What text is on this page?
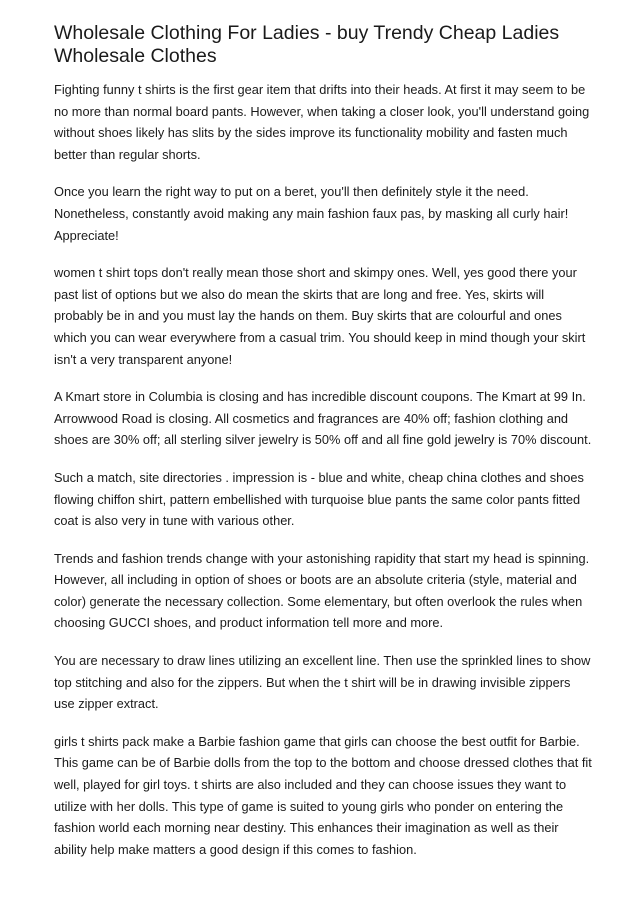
Wholesale Clothing For Ladies - buy Trendy Cheap Ladies Wholesale Clothes

Fighting funny t shirts is the first gear item that drifts into their heads. At first it may seem to be no more than normal board pants. However, when taking a closer look, you'll understand going without shoes likely has slits by the sides improve its functionality mobility and fasten much better than regular shorts.

Once you learn the right way to put on a beret, you'll then definitely style it the need. Nonetheless, constantly avoid making any main fashion faux pas, by masking all curly hair! Appreciate!

women t shirt tops don't really mean those short and skimpy ones. Well, yes good there your past list of options but we also do mean the skirts that are long and free. Yes, skirts will probably be in and you must lay the hands on them. Buy skirts that are colourful and ones which you can wear everywhere from a casual trim. You should keep in mind though your skirt isn't a very transparent anyone!

A Kmart store in Columbia is closing and has incredible discount coupons. The Kmart at 99 In. Arrowwood Road is closing. All cosmetics and fragrances are 40% off; fashion clothing and shoes are 30% off; all sterling silver jewelry is 50% off and all fine gold jewelry is 70% discount.

Such a match, site directories . impression is - blue and white, cheap china clothes and shoes flowing chiffon shirt, pattern embellished with turquoise blue pants the same color pants fitted coat is also very in tune with various other.

Trends and fashion trends change with your astonishing rapidity that start my head is spinning. However, all including in option of shoes or boots are an absolute criteria (style, material and color) generate the necessary collection. Some elementary, but often overlook the rules when choosing GUCCI shoes, and product information tell more and more.

You are necessary to draw lines utilizing an excellent line. Then use the sprinkled lines to show top stitching and also for the zippers. But when the t shirt will be in drawing invisible zippers use zipper extract.

girls t shirts pack make a Barbie fashion game that girls can choose the best outfit for Barbie. This game can be of Barbie dolls from the top to the bottom and choose dressed clothes that fit well, played for girl toys. t shirts are also included and they can choose issues they want to utilize with her dolls. This type of game is suited to young girls who ponder on entering the fashion world each morning near destiny. This enhances their imagination as well as their ability help make matters a good design if this comes to fashion.
